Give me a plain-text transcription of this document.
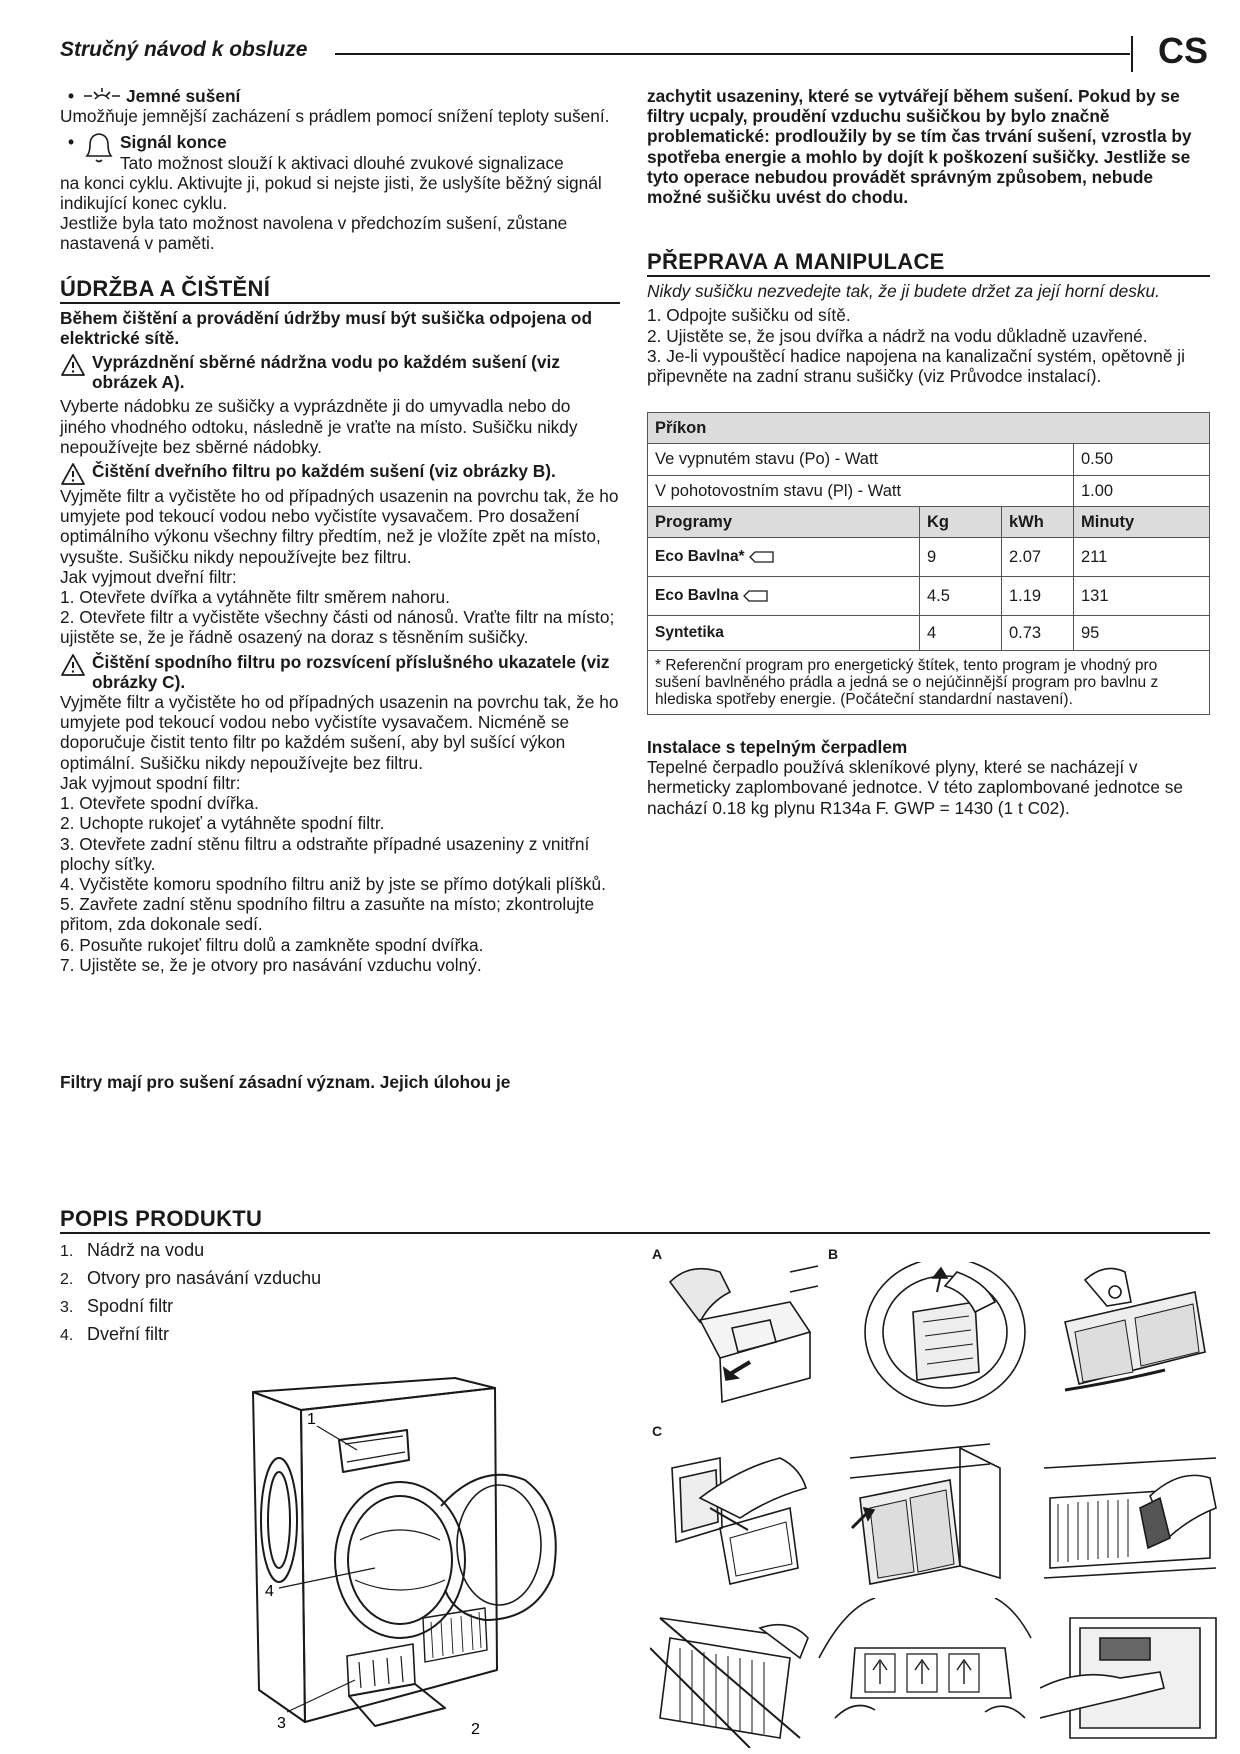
Stručný návod k obsluze	CS
•	Jemné sušení

Umožňuje jemnější zacházení s prádlem pomocí snížení teploty sušení.

•	Signál konce
Tato možnost slouží k aktivaci dlouhé zvukové signalizace

na konci cyklu. Aktivujte ji, pokud si nejste jisti, že uslyšíte běžný signál indikující konec cyklu.

Jestliže byla tato možnost navolena v předchozím sušení, zůstane nastavená v paměti.

ÚDRŽBA A ČIŠTĚNÍ

Během čištění a provádění údržby musí být sušička odpojena od elektrické sítě.

Vyprázdnění sběrné nádržna vodu po každém sušení (viz obrázek A).

Vyberte nádobku ze sušičky a vyprázdněte ji do umyvadla nebo do jiného vhodného odtoku, následně je vraťte na místo. Sušičku nikdy nepoužívejte bez sběrné nádobky.

Čištění dveřního filtru po každém sušení (viz obrázky B).

Vyjměte filtr a vyčistěte ho od případných usazenin na povrchu tak, že ho umyjete pod tekoucí vodou nebo vyčistíte vysavačem. Pro dosažení optimálního výkonu všechny filtry předtím, než je vložíte zpět na místo, vysušte. Sušičku nikdy nepoužívejte bez filtru.

Jak vyjmout dveřní filtr:

1. Otevřete dvířka a vytáhněte filtr směrem nahoru.

2. Otevřete filtr a vyčistěte všechny části od nánosů. Vraťte filtr na místo; ujistěte se, že je řádně osazený na doraz s těsněním sušičky.

Čištění spodního filtru po rozsvícení příslušného ukazatele (viz obrázky C).

Vyjměte filtr a vyčistěte ho od případných usazenin na povrchu tak, že ho umyjete pod tekoucí vodou nebo vyčistíte vysavačem. Nicméně se doporučuje čistit tento filtr po každém sušení, aby byl sušící výkon optimální. Sušičku nikdy nepoužívejte bez filtru.

Jak vyjmout spodní filtr:

1. Otevřete spodní dvířka.

2. Uchopte rukojeť a vytáhněte spodní filtr.

3. Otevřete zadní stěnu filtru a odstraňte případné usazeniny z vnitřní plochy síťky.

4. Vyčistěte komoru spodního filtru aniž by jste se přímo dotýkali plíšků.

5. Zavřete zadní stěnu spodního filtru a zasuňte na místo; zkontrolujte přitom, zda dokonale sedí.

6. Posuňte rukojeť filtru dolů a zamkněte spodní dvířka.

7. Ujistěte se, že je otvory pro nasávání vzduchu volný.

Filtry mají pro sušení zásadní význam. Jejich úlohou je

zachytit usazeniny, které se vytvářejí během sušení. Pokud by se filtry ucpaly, proudění vzduchu sušičkou by bylo značně problematické: prodloužily by se tím čas trvání sušení, vzrostla by spotřeba energie a mohlo by dojít k poškození sušičky. Jestliže se tyto operace nebudou provádět správným způsobem, nebude možné sušičku uvést do chodu.

PŘEPRAVA A MANIPULACE

Nikdy sušičku nezvedejte tak, že ji budete držet za její horní desku.

1. Odpojte sušičku od sítě.

2. Ujistěte se, že jsou dvířka a nádrž na vodu důkladně uzavřené.

3. Je-li vypouštěcí hadice napojena na kanalizační systém, opětovně ji připevněte na zadní stranu sušičky (viz Průvodce instalací).

Příkon			
Ve vypnutém stavu (Po) - Watt			0.50
V pohotovostním stavu (Pl) - Watt			1.00
Programy	Kg	kWh	Minuty
Eco Bavlna*	9	2.07	211
Eco Bavlna	4.5	1.19	131
Syntetika	4	0.73	95
* Referenční program pro energetický štítek, tento program je vhodný pro sušení bavlněného prádla a jedná se o nejúčinnější program pro bavlnu z hlediska spotřeby energie. (Počáteční standardní nastavení).			

Instalace s tepelným čerpadlem

Tepelné čerpadlo používá skleníkové plyny, které se nacházejí v hermeticky zaplombované jednotce. V této zaplombované jednotce se nachází 0.18 kg plynu R134a F. GWP = 1430 (1 t C02).

POPIS PRODUKTU
1. Nádrž na vodu
2. Otvory pro nasávání vzduchu
3. Spodní filtr
4. Dveřní filtr
1
4
3	2
A	B
C
